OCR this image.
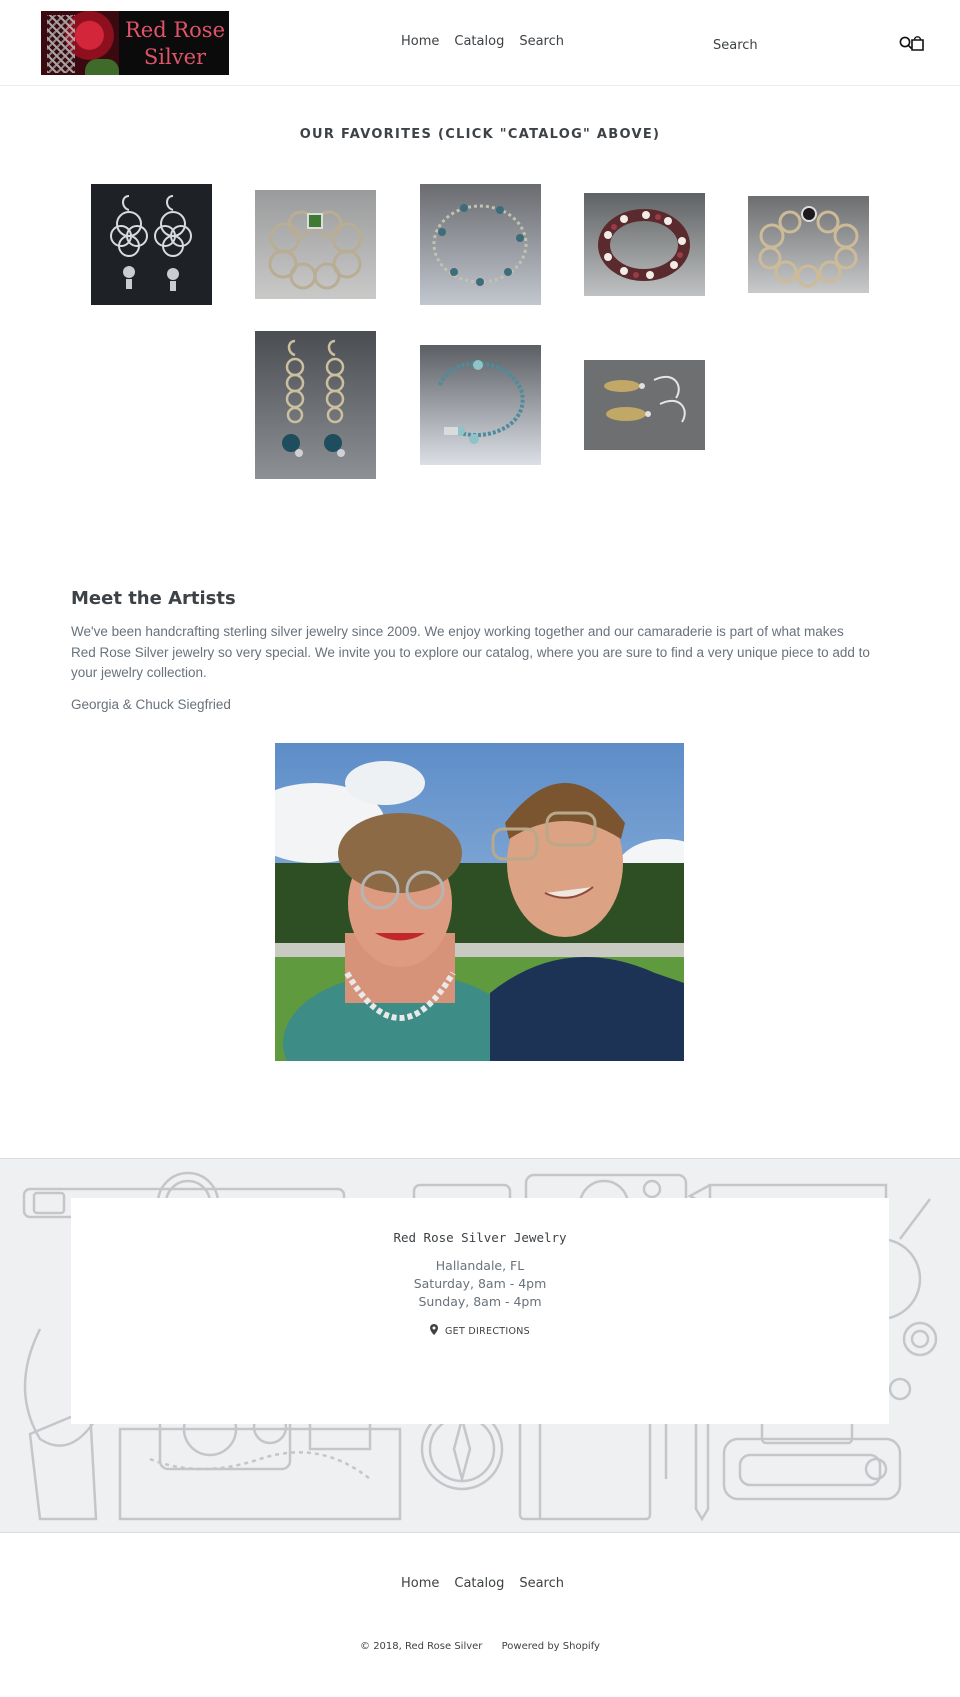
Red Rose
Silver
Home Catalog Search
Search
OUR FAVORITES (CLICK "CATALOG" ABOVE)
Meet the Artists

We've been handcrafting sterling silver jewelry since 2009. We enjoy working together and our camaraderie is part of what makes Red Rose Silver jewelry so very special. We invite you to explore our catalog, where you are sure to find a very unique piece to add to your jewelry collection.

Georgia & Chuck Siegfried

Red Rose Silver Jewelry
Hallandale, FL
Saturday, 8am - 4pm
Sunday, 8am - 4pm
GET DIRECTIONS
Home Catalog Search
© 2018, Red Rose Silver Powered by Shopify
